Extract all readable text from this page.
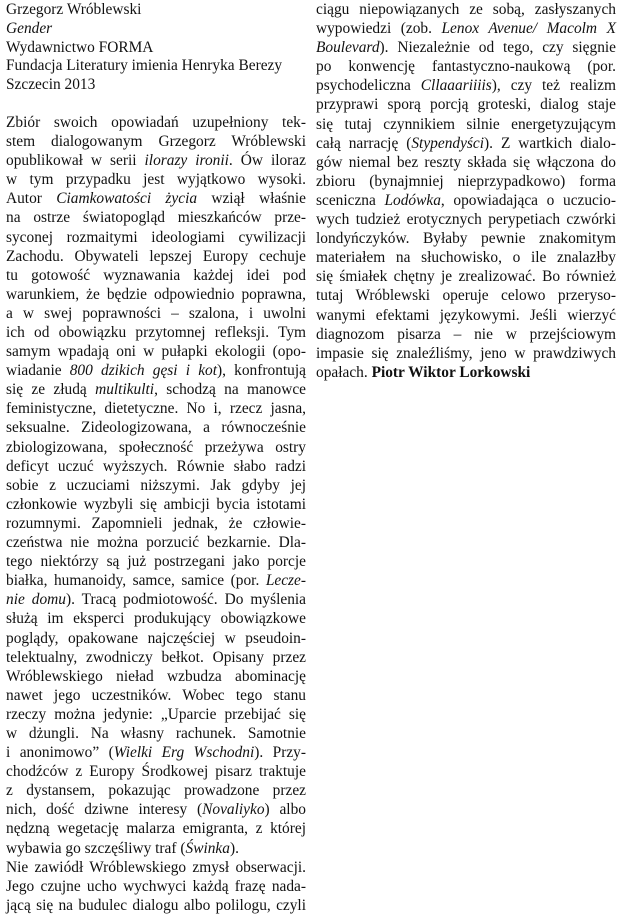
Grzegorz Wróblewski
Gender
Wydawnictwo FORMA
Fundacja Literatury imienia Henryka Berezy
Szczecin 2013
Zbiór swoich opowiadań uzupełniony tek-
stem dialogowanym Grzegorz Wróblewski
opublikował w serii ilorazy ironii. Ów iloraz
w tym przypadku jest wyjątkowo wysoki.
Autor Ciamkowatości życia wziął właśnie
na ostrze światopogląd mieszkańców prze-
syconej rozmaitymi ideologiami cywilizacji
Zachodu. Obywateli lepszej Europy cechuje
tu gotowość wyznawania każdej idei pod
warunkiem, że będzie odpowiednio poprawna,
a w swej poprawności – szalona, i uwolni
ich od obowiązku przytomnej refleksji. Tym
samym wpadają oni w pułapki ekologii (opo-
wiadanie 800 dzikich gęsi i kot), konfrontują
się ze złudą multikulti, schodzą na manowce
feministyczne, dietetyczne. No i, rzecz jasna,
seksualne. Zideologizowana, a równocześnie
zbiologizowana, społeczność przeżywa ostry
deficyt uczuć wyższych. Równie słabo radzi
sobie z uczuciami niższymi. Jak gdyby jej
członkowie wyzbyli się ambicji bycia istotami
rozumnymi. Zapomnieli jednak, że człowie-
czeństwa nie można porzucić bezkarnie. Dla-
tego niektórzy są już postrzegani jako porcje
białka, humanoidy, samce, samice (por. Leczе-
nie domu). Tracą podmiotowość. Do myślenia
służą im eksperci produkujący obowiązkowe
poglądy, opakowane najczęściej w pseudoin-
telektualny, zwodniczy bełkot. Opisany przez
Wróblewskiego nieład wzbudza abominację
nawet jego uczestników. Wobec tego stanu
rzeczy można jedynie: „Uparcie przebijać się
w dżungli. Na własny rachunek. Samotnie
i anonimowo” (Wielki Erg Wschodni). Przy-
chodźców z Europy Środkowej pisarz traktuje
z dystansem, pokazując prowadzone przez
nich, dość dziwne interesy (Novaliyko) albo
nędzną wegetację malarza emigranta, z której
wybawia go szczęśliwy traf (Świnka).
Nie zawiódł Wróblewskiego zmysł obserwacji.
Jego czujne ucho wychwyci każdą frazę nada-
jącą się na budulec dialogu albo polilogu, czyli
ciągu niepowiązanych ze sobą, zasłyszanych
wypowiedzi (zob. Lenox Avenue/ Macolm X
Boulevard). Niezależnie od tego, czy sięgnie
po konwencję fantastyczno-naukową (por.
psychodeliczna Cllaaariiiis), czy też realizm
przyprawi sporą porcją groteski, dialog staje
się tutaj czynnikiem silnie energetyzującym
całą narrację (Stypendyści). Z wartkich dialo-
gów niemal bez reszty składa się włączona do
zbioru (bynajmniej nieprzypadkowo) forma
sceniczna Lodówka, opowiadająca o uczucio-
wych tudzież erotycznych perypetiach czwórki
londyńczyków. Byłaby pewnie znakomitym
materiałem na słuchowisko, o ile znalazłby
się śmiałek chętny je zrealizować. Bo również
tutaj Wróblewski operuje celowo przerysо-
wanymi efektami językowymi. Jeśli wierzyć
diagnozom pisarza – nie w przejściowym
impasie się znaleźliśmy, jeno w prawdziwych
opałach. Piotr Wiktor Lorkowski
